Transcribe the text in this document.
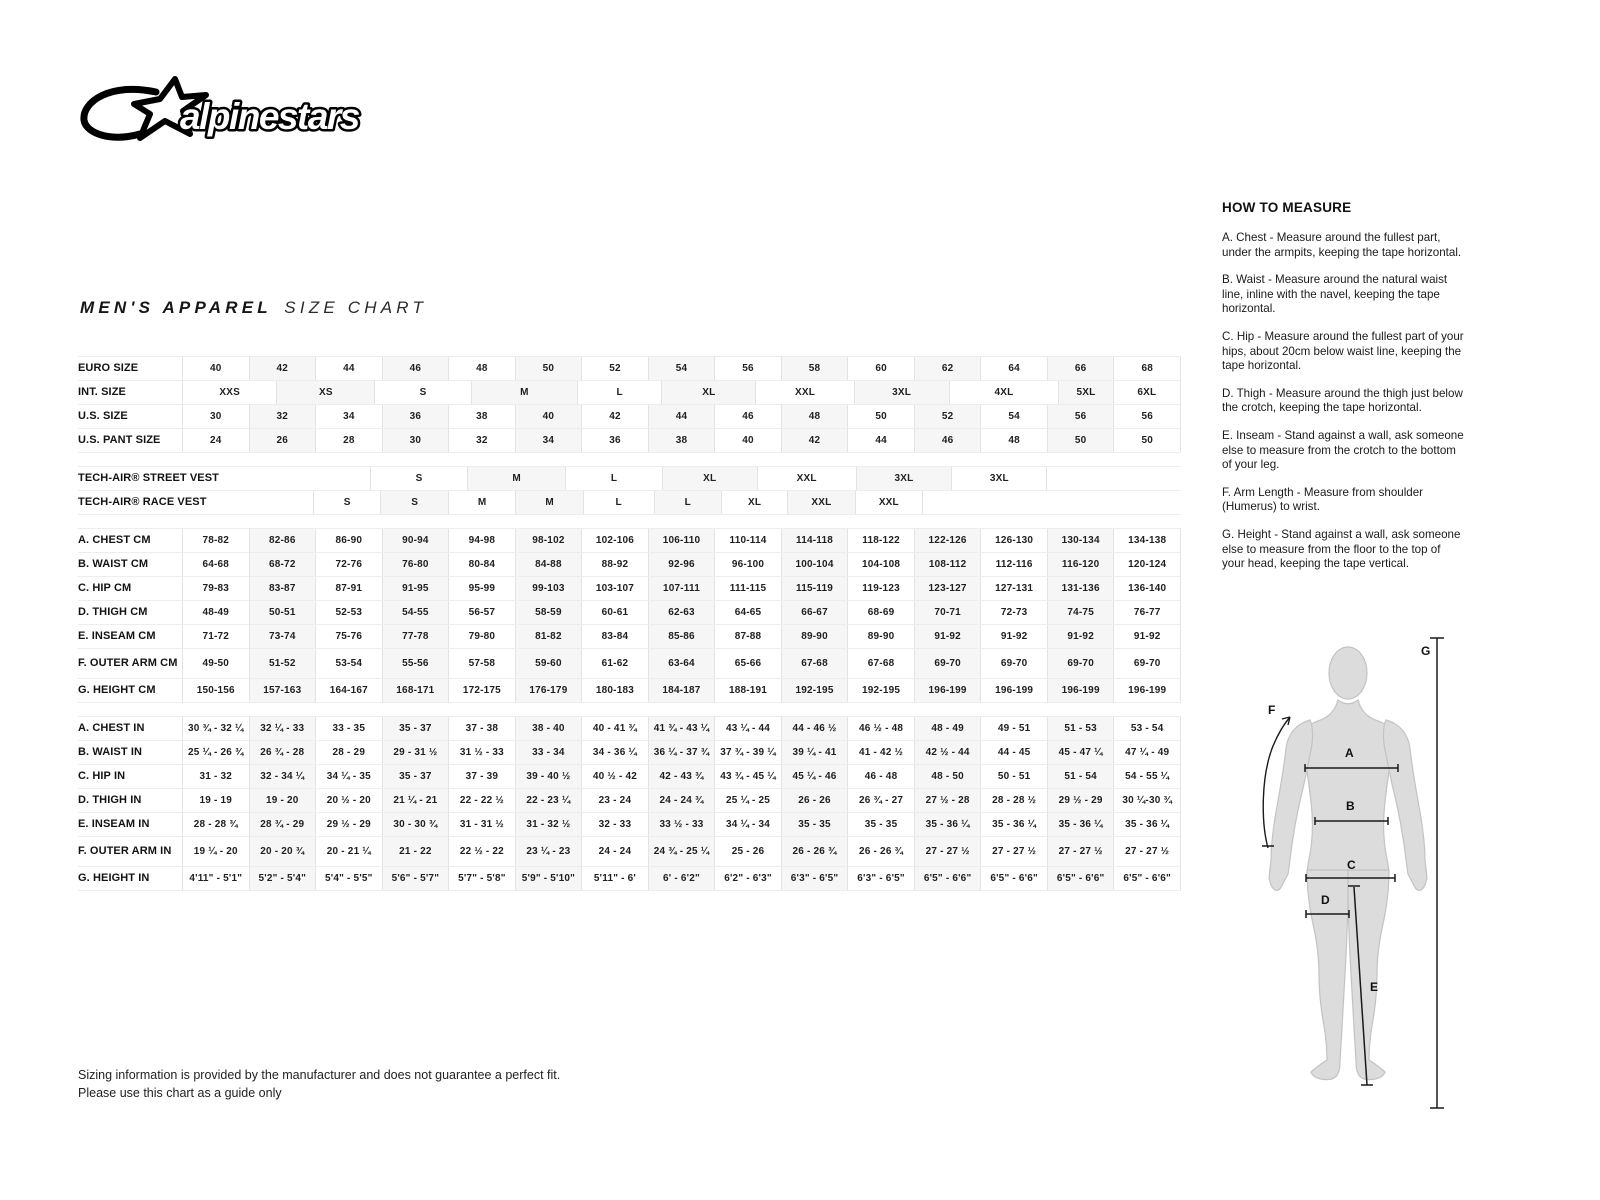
alpinestars
MEN'S APPAREL SIZE CHART
EURO SIZE	40	42	44	46	48	50	52	54	56	58	60	62	64	66	68
INT. SIZE	XXS	XS	S	M	L	XL	XXL	3XL	4XL	5XL	6XL
U.S. SIZE	30	32	34	36	38	40	42	44	46	48	50	52	54	56	56
U.S. PANT SIZE	24	26	28	30	32	34	36	38	40	42	44	46	48	50	50
TECH-AIR® STREET VEST	S	M	L	XL	XXL	3XL	3XL
TECH-AIR® RACE VEST	S	S	M	M	L	L	XL	XXL	XXL
A. CHEST CM	78-82	82-86	86-90	90-94	94-98	98-102	102-106	106-110	110-114	114-118	118-122	122-126	126-130	130-134	134-138
B. WAIST CM	64-68	68-72	72-76	76-80	80-84	84-88	88-92	92-96	96-100	100-104	104-108	108-112	112-116	116-120	120-124
C. HIP CM	79-83	83-87	87-91	91-95	95-99	99-103	103-107	107-111	111-115	115-119	119-123	123-127	127-131	131-136	136-140
D. THIGH CM	48-49	50-51	52-53	54-55	56-57	58-59	60-61	62-63	64-65	66-67	68-69	70-71	72-73	74-75	76-77
E. INSEAM CM	71-72	73-74	75-76	77-78	79-80	81-82	83-84	85-86	87-88	89-90	89-90	91-92	91-92	91-92	91-92
F. OUTER ARM CM	49-50	51-52	53-54	55-56	57-58	59-60	61-62	63-64	65-66	67-68	67-68	69-70	69-70	69-70	69-70
G. HEIGHT CM	150-156	157-163	164-167	168-171	172-175	176-179	180-183	184-187	188-191	192-195	192-195	196-199	196-199	196-199	196-199
A. CHEST IN	30 ¾ - 32 ¼	32 ¼ - 33	33 - 35	35 - 37	37 - 38	38 - 40	40 - 41 ¾	41 ¾ - 43 ¼	43 ¼ - 44	44 - 46 ½	46 ½ - 48	48 - 49	49 - 51	51 - 53	53 - 54
B. WAIST IN	25 ¼ - 26 ¾	26 ¾ - 28	28 - 29	29 - 31 ½	31 ½ - 33	33 - 34	34 - 36 ¼	36 ¼ - 37 ¾	37 ¾ - 39 ¼	39 ¼ - 41	41 - 42 ½	42 ½ - 44	44 - 45	45 - 47 ¼	47 ¼ - 49
C. HIP IN	31 - 32	32 - 34 ¼	34 ¼ - 35	35 - 37	37 - 39	39 - 40 ½	40 ½ - 42	42 - 43 ¾	43 ¾ - 45 ¼	45 ¼ - 46	46 - 48	48 - 50	50 - 51	51 - 54	54 - 55 ¼
D. THIGH IN	19 - 19	19 - 20	20 ½ - 20	21 ¼ - 21	22 - 22 ½	22 - 23 ¼	23 - 24	24 - 24 ¾	25 ¼ - 25	26 - 26	26 ¾ - 27	27 ½ - 28	28 - 28 ½	29 ½ - 29	30 ¼-30 ¾
E. INSEAM IN	28 - 28 ¾	28 ¾ - 29	29 ½ - 29	30 - 30 ¾	31 - 31 ½	31 - 32 ½	32 - 33	33 ½ - 33	34 ¼ - 34	35 - 35	35 - 35	35 - 36 ¼	35 - 36 ¼	35 - 36 ¼	35 - 36 ¼
F. OUTER ARM IN	19 ¼ - 20	20 - 20 ¾	20 - 21 ¼	21 - 22	22 ½ - 22	23 ¼ - 23	24 - 24	24 ¾ - 25 ¼	25 - 26	26 - 26 ¾	26 - 26 ¾	27 - 27 ½	27 - 27 ½	27 - 27 ½	27 - 27 ½
G. HEIGHT IN	4'11" - 5'1"	5'2" - 5'4"	5'4" - 5'5"	5'6" - 5'7"	5'7" - 5'8"	5'9" - 5'10"	5'11" - 6'	6' - 6'2"	6'2" - 6'3"	6'3" - 6'5"	6'3" - 6'5"	6'5" - 6'6"	6'5" - 6'6"	6'5" - 6'6"	6'5" - 6'6"
HOW TO MEASURE

A. Chest - Measure around the fullest part, under the armpits, keeping the tape horizontal.

B. Waist - Measure around the natural waist line, inline with the navel, keeping the tape horizontal.

C. Hip - Measure around the fullest part of your hips, about 20cm below waist line, keeping the tape horizontal.

D. Thigh - Measure around the thigh just below the crotch, keeping the tape horizontal.

E. Inseam - Stand against a wall, ask someone else to measure from the crotch to the bottom of your leg.

F. Arm Length - Measure from shoulder (Humerus) to wrist.

G. Height - Stand against a wall, ask someone else to measure from the floor to the top of your head, keeping the tape vertical.

A
B
C
D
E
F
G
Sizing information is provided by the manufacturer and does not guarantee a perfect fit.
Please use this chart as a guide only
